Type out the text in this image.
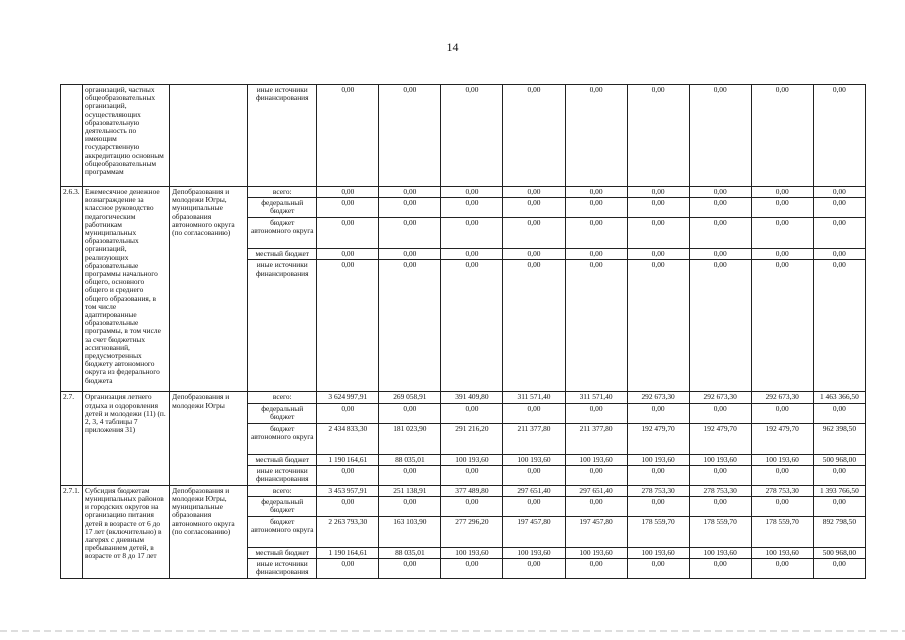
14
	организаций, частных общеобразовательных организаций, осуществляющих образовательную деятельность по имеющим государственную аккредитацию основным общеобразовательным программам		иные источники финансирования	0,00	0,00	0,00	0,00	0,00	0,00	0,00	0,00	0,00
2.6.3.	Ежемесячное денежное вознаграждение за классное руководство педагогическим работникам муниципальных образовательных организаций, реализующих образовательные программы начального общего, основного общего и среднего общего образования, в том числе адаптированные образовательные программы, в том числе за счет бюджетных ассигнований, предусмотренных бюджету автономного округа из федерального бюджета	Депобразования и молодежи Югры, муниципальные образования автономного округа (по согласованию)	всего:	0,00	0,00	0,00	0,00	0,00	0,00	0,00	0,00	0,00
			федеральный бюджет	0,00	0,00	0,00	0,00	0,00	0,00	0,00	0,00	0,00
			бюджет автономного округа	0,00	0,00	0,00	0,00	0,00	0,00	0,00	0,00	0,00
			местный бюджет	0,00	0,00	0,00	0,00	0,00	0,00	0,00	0,00	0,00
			иные источники финансирования	0,00	0,00	0,00	0,00	0,00	0,00	0,00	0,00	0,00
2.7.	Организация летнего отдыха и оздоровления детей и молодежи (11) (п. 2, 3, 4 таблицы 7 приложения 31)	Депобразования и молодежи Югры	всего:	3 624 997,91	269 058,91	391 409,80	311 571,40	311 571,40	292 673,30	292 673,30	292 673,30	1 463 366,50
			федеральный бюджет	0,00	0,00	0,00	0,00	0,00	0,00	0,00	0,00	0,00
			бюджет автономного округа	2 434 833,30	181 023,90	291 216,20	211 377,80	211 377,80	192 479,70	192 479,70	192 479,70	962 398,50
			местный бюджет	1 190 164,61	88 035,01	100 193,60	100 193,60	100 193,60	100 193,60	100 193,60	100 193,60	500 968,00
			иные источники финансирования	0,00	0,00	0,00	0,00	0,00	0,00	0,00	0,00	0,00
2.7.1.	Субсидия бюджетам муниципальных районов и городских округов на организацию питания детей в возрасте от 6 до 17 лет (включительно) в лагерях с дневным пребыванием детей, в возрасте от 8 до 17 лет	Депобразования и молодежи Югры, муниципальные образования автономного округа (по согласованию)	всего:	3 453 957,91	251 138,91	377 489,80	297 651,40	297 651,40	278 753,30	278 753,30	278 753,30	1 393 766,50
			федеральный бюджет	0,00	0,00	0,00	0,00	0,00	0,00	0,00	0,00	0,00
			бюджет автономного округа	2 263 793,30	163 103,90	277 296,20	197 457,80	197 457,80	178 559,70	178 559,70	178 559,70	892 798,50
			местный бюджет	1 190 164,61	88 035,01	100 193,60	100 193,60	100 193,60	100 193,60	100 193,60	100 193,60	500 968,00
			иные источники финансирования	0,00	0,00	0,00	0,00	0,00	0,00	0,00	0,00	0,00
